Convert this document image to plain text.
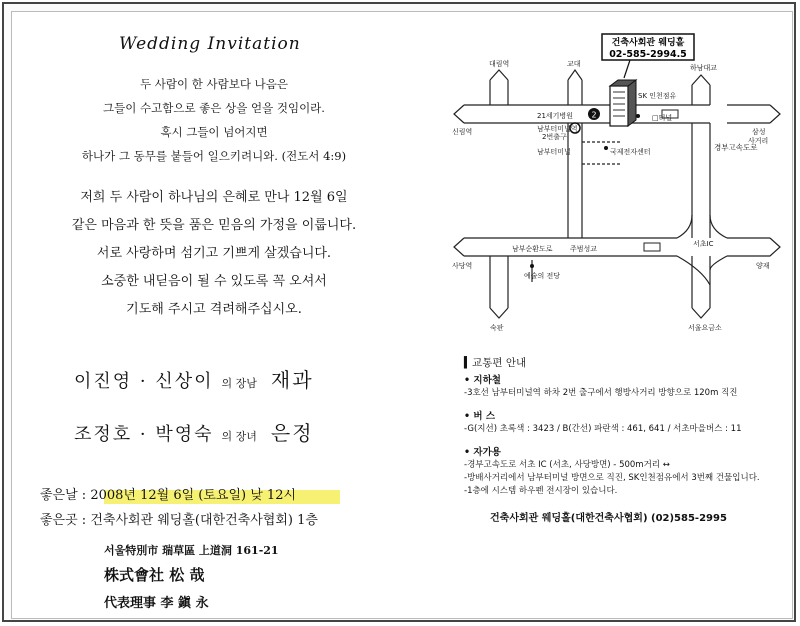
Wedding Invitation
두 사람이 한 사람보다 나음은
그들이 수고함으로 좋은 상을 얻을 것임이라.
혹시 그들이 넘어지면
하나가 그 동무를 붙들어 일으키려니와. (전도서 4:9)
저희 두 사람이 하나님의 은혜로 만나 12월 6일
같은 마음과 한 뜻을 품은 믿음의 가정을 이룹니다.
서로 사랑하며 섬기고 기쁘게 살겠습니다.
소중한 내딛음이 될 수 있도록 꼭 오셔서
기도해 주시고 격려해주십시오.
이진영 · 신상이 의 장남 재과
조정호 · 박영숙 의 장녀 은정
좋은날 : 2008년 12월 6일 (토요일) 낮 12시
좋은곳 : 건축사회관 웨딩홀(대한건축사협회) 1층
서울特別市 瑞草區 上道洞 161-21
株式會社 松 哉
代表理事 李 鎭 永
건축사회관 웨딩홀
02-585-2994.5
2
대림역	교대	하남대교
신림역
사당역
숙판	서울요금소
삼성
사거리
양재
SK 인천점유
21세기병원
남부터미널역
2번출구
남부터미널	국제전자센터	경부고속도로
남부순환도로 주범성교
예술의 전당
서초IC
□터널
▍교통편 안내
• 지하철
-3호선 남부터미널역 하차 2번 출구에서 행방사거리 방향으로 120m 직진
• 버 스
-G(지선) 초록색 : 3423 / B(간선) 파란색 : 461, 641 / 서초마을버스 : 11
• 자가용
-경부고속도로 서초 IC (서초, 사당방면) - 500m거리 ↔
-방배사거리에서 남부터미널 방면으로 직진, SK인천점유에서 3번째 건물입니다.
-1층에 시스템 하우펜 전시장이 있습니다.
건축사회관 웨딩홀(대한건축사협회) (02)585-2995
